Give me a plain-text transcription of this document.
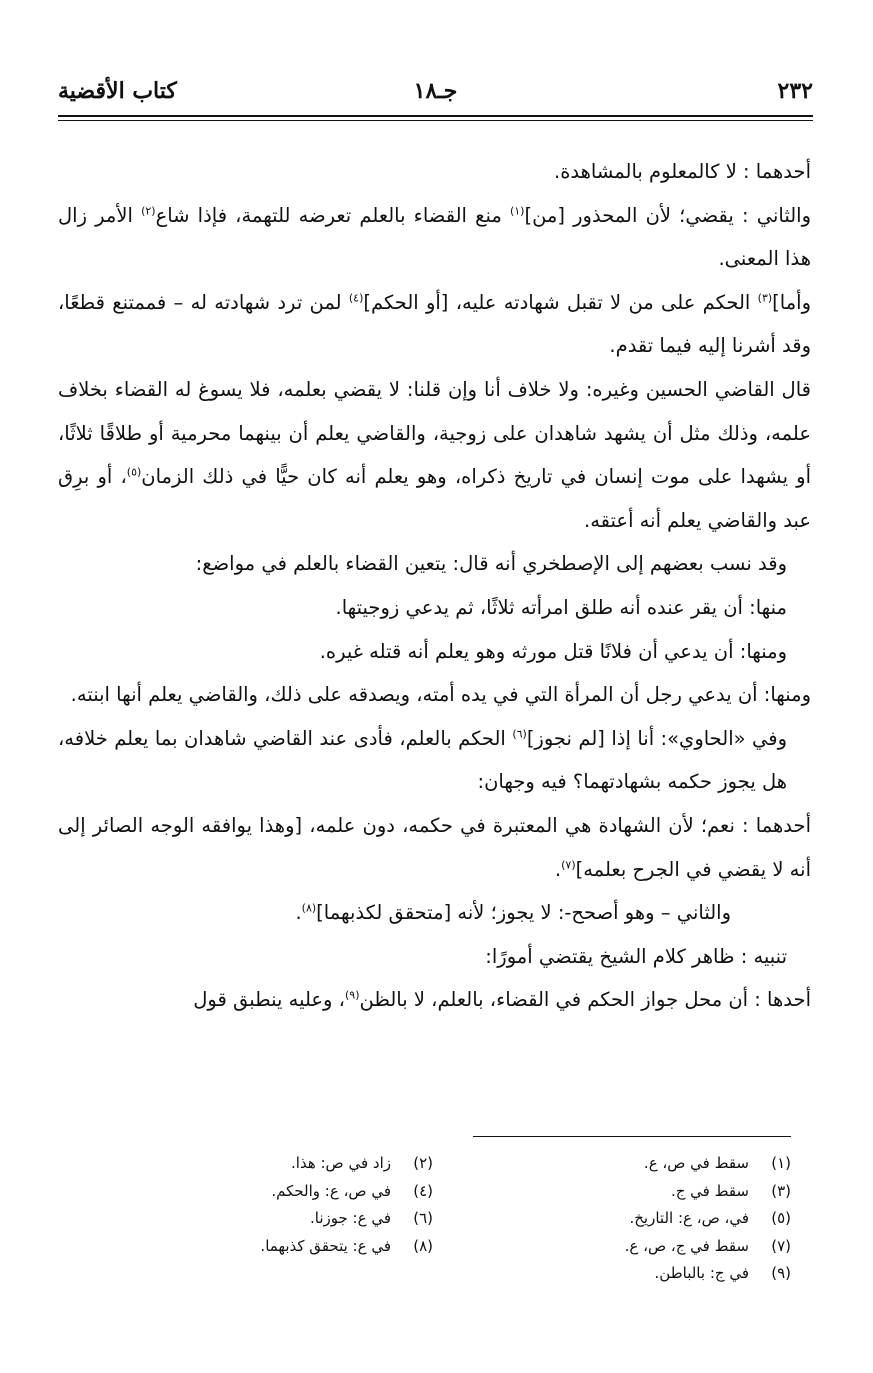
٢٣٢
جـ١٨
كتاب الأقضية

أحدهما : لا كالمعلوم بالمشاهدة.

والثاني : يقضي؛ لأن المحذور [من]$^{(١)}$ منع القضاء بالعلم تعرضه للتهمة، فإذا شاع$^{(٢)}$ الأمر زال هذا المعنى.

وأما]$^{(٣)}$ الحكم على من لا تقبل شهادته عليه، [أو الحكم]$^{(٤)}$ لمن ترد شهادته له – فممتنع قطعًا، وقد أشرنا إليه فيما تقدم.

قال القاضي الحسين وغيره: ولا خلاف أنا وإن قلنا: لا يقضي بعلمه، فلا يسوغ له القضاء بخلاف علمه، وذلك مثل أن يشهد شاهدان على زوجية، والقاضي يعلم أن بينهما محرمية أو طلاقًا ثلاثًا، أو يشهدا على موت إنسان في تاريخ ذكراه، وهو يعلم أنه كان حيًّا في ذلك الزمان$^{(٥)}$، أو برِق عبد والقاضي يعلم أنه أعتقه.

وقد نسب بعضهم إلى الإصطخري أنه قال: يتعين القضاء بالعلم في مواضع:

منها: أن يقر عنده أنه طلق امرأته ثلاثًا، ثم يدعي زوجيتها.

ومنها: أن يدعي أن فلانًا قتل مورثه وهو يعلم أنه قتله غيره.

ومنها: أن يدعي رجل أن المرأة التي في يده أمته، ويصدقه على ذلك، والقاضي يعلم أنها ابنته.

وفي «الحاوي»: أنا إذا [لم نجوز]$^{(٦)}$ الحكم بالعلم، فأدى عند القاضي شاهدان بما يعلم خلافه، هل يجوز حكمه بشهادتهما؟ فيه وجهان:

أحدهما : نعم؛ لأن الشهادة هي المعتبرة في حكمه، دون علمه، [وهذا يوافقه الوجه الصائر إلى أنه لا يقضي في الجرح بعلمه]$^{(٧)}$.

والثاني – وهو أصحح-: لا يجوز؛ لأنه [متحقق لكذبهما]$^{(٨)}$.

تنبيه : ظاهر كلام الشيخ يقتضي أمورًا:

أحدها : أن محل جواز الحكم في القضاء، بالعلم، لا بالظن$^{(٩)}$، وعليه ينطبق قول

(١)سقط في ص، ع.
(٣)سقط في ج.
(٥)في، ص، ع: التاريخ.
(٧)سقط في ج، ص، ع.
(٩)في ج: بالباطن.
(٢)زاد في ص: هذا.
(٤)في ص، ع: والحكم.
(٦)في ع: جوزنا.
(٨)في ع: يتحقق كذبهما.
